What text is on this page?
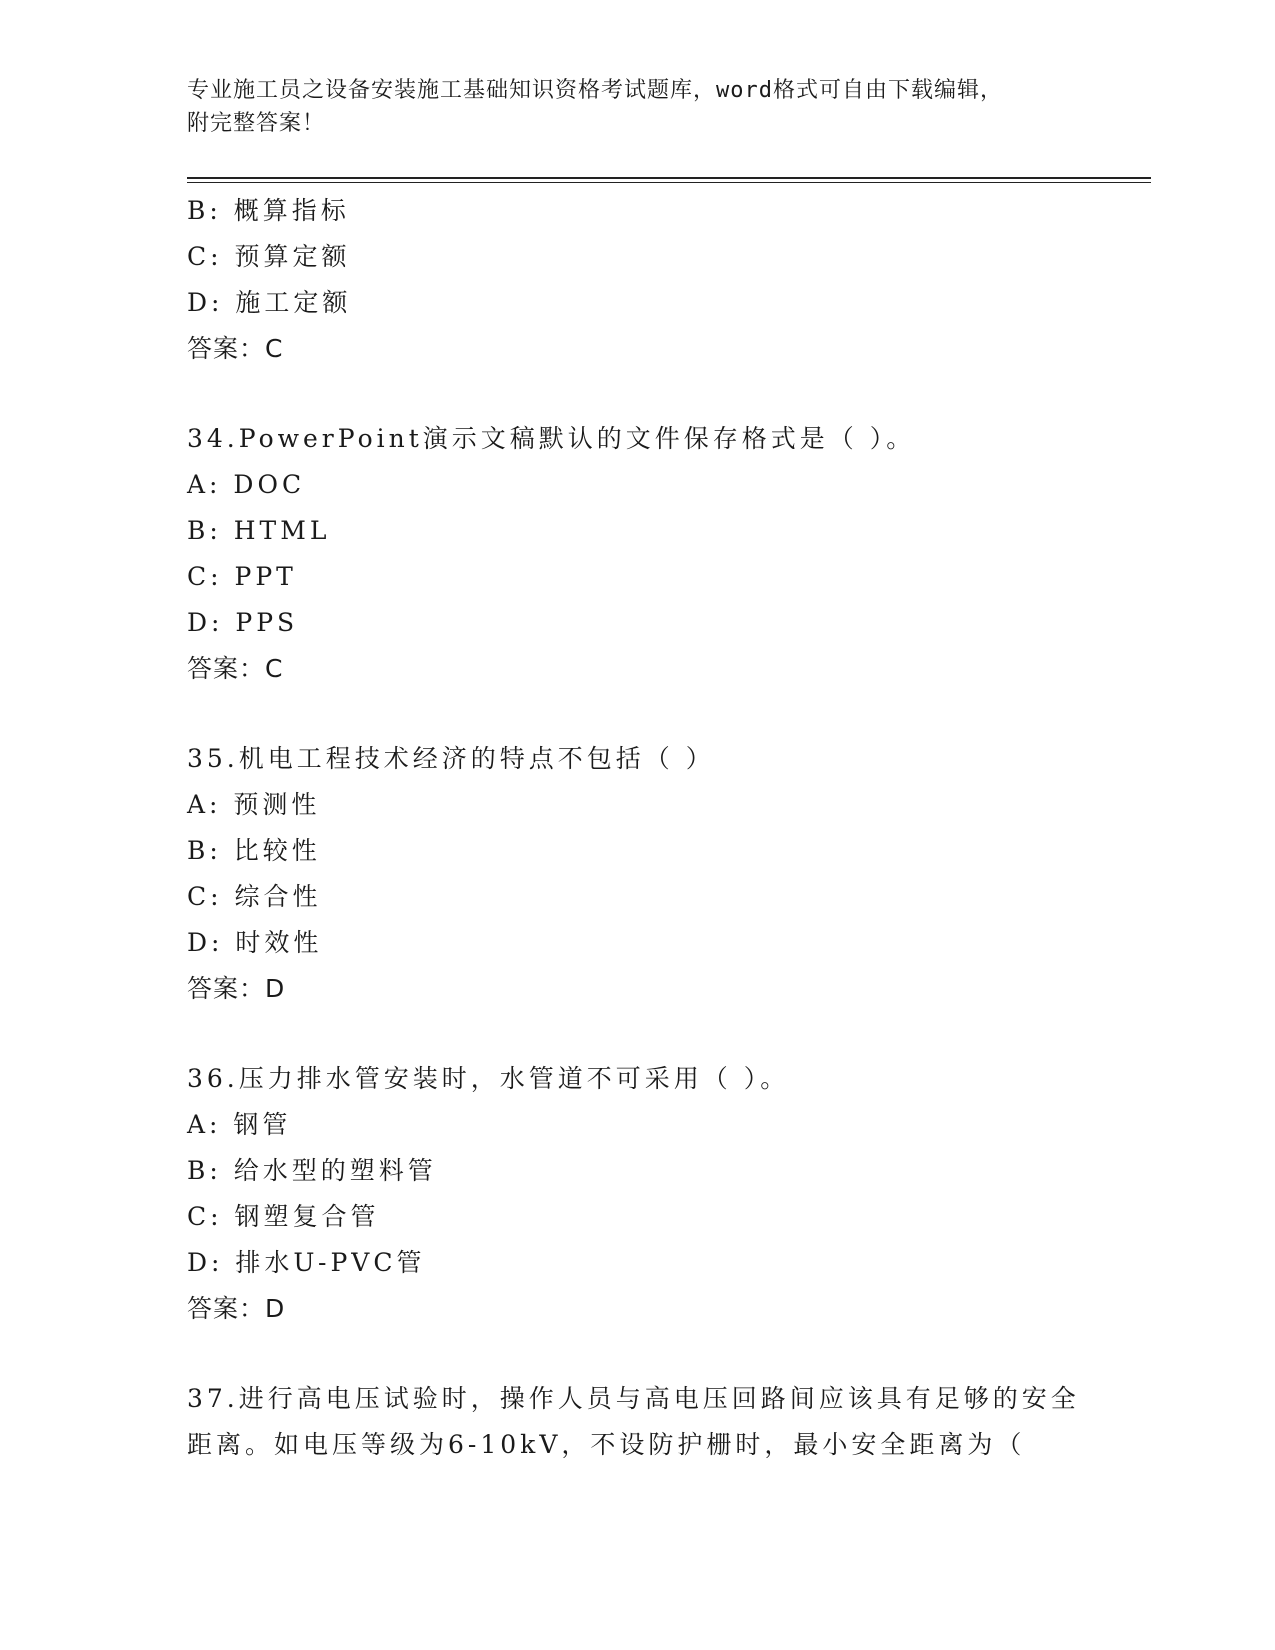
专业施工员之设备安装施工基础知识资格考试题库，word格式可自由下载编辑，
附完整答案！
B: 概算指标
C: 预算定额
D: 施工定额
答案：C
34.PowerPoint演示文稿默认的文件保存格式是（ ）。
A: DOC
B: HTML
C: PPT
D: PPS
答案：C
35.机电工程技术经济的特点不包括（ ）
A: 预测性
B: 比较性
C: 综合性
D: 时效性
答案：D
36.压力排水管安装时，水管道不可采用（ ）。
A: 钢管
B: 给水型的塑料管
C: 钢塑复合管
D: 排水U-PVC管
答案：D
37.进行高电压试验时，操作人员与高电压回路间应该具有足够的安全
距离。如电压等级为6-10kV，不设防护栅时，最小安全距离为（
